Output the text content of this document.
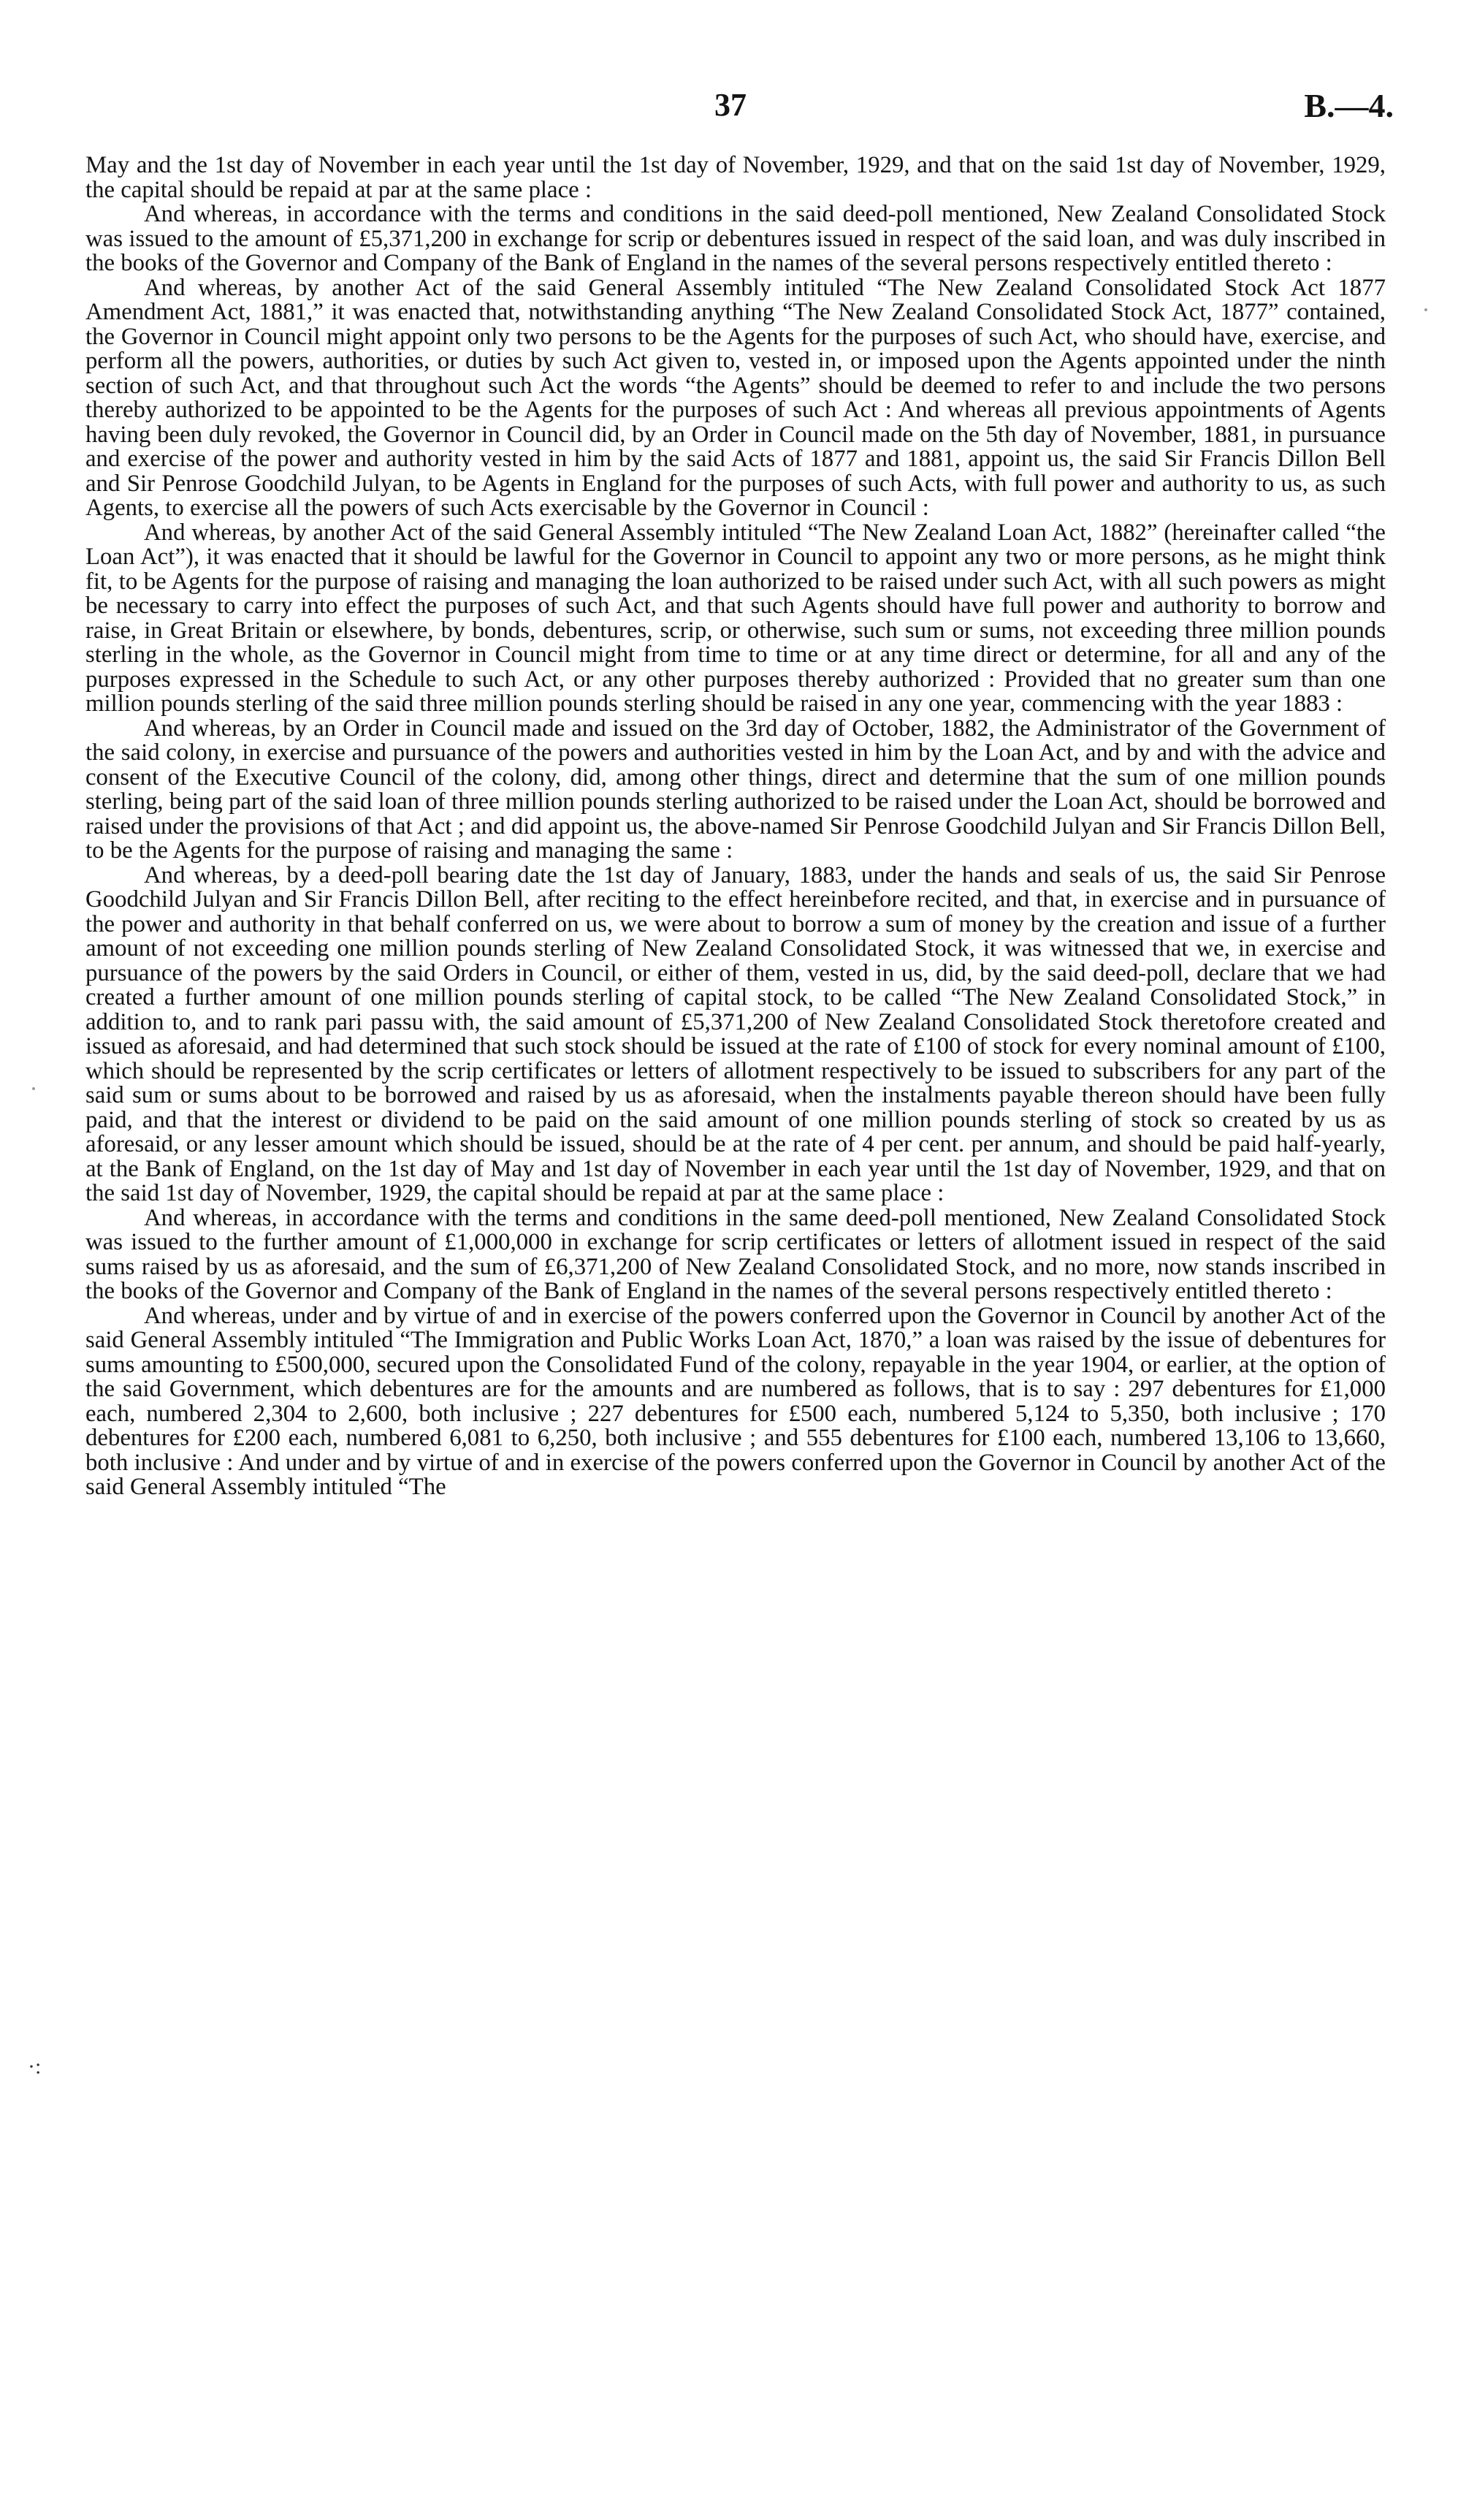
37	B.—4.

May and the 1st day of November in each year until the 1st day of November, 1929, and that on the said 1st day of November, 1929, the capital should be repaid at par at the same place :

And whereas, in accordance with the terms and conditions in the said deed-poll mentioned, New Zealand Consolidated Stock was issued to the amount of £5,371,200 in exchange for scrip or debentures issued in respect of the said loan, and was duly inscribed in the books of the Governor and Company of the Bank of England in the names of the several persons respectively entitled thereto :

And whereas, by another Act of the said General Assembly intituled “The New Zealand Consolidated Stock Act 1877 Amendment Act, 1881,” it was enacted that, notwithstanding anything “The New Zealand Consolidated Stock Act, 1877” contained, the Governor in Council might appoint only two persons to be the Agents for the purposes of such Act, who should have, exercise, and perform all the powers, authorities, or duties by such Act given to, vested in, or imposed upon the Agents appointed under the ninth section of such Act, and that throughout such Act the words “the Agents” should be deemed to refer to and include the two persons thereby authorized to be appointed to be the Agents for the purposes of such Act : And whereas all previous appointments of Agents having been duly revoked, the Governor in Council did, by an Order in Council made on the 5th day of November, 1881, in pursuance and exercise of the power and authority vested in him by the said Acts of 1877 and 1881, appoint us, the said Sir Francis Dillon Bell and Sir Penrose Goodchild Julyan, to be Agents in England for the purposes of such Acts, with full power and authority to us, as such Agents, to exercise all the powers of such Acts exercisable by the Governor in Council :

And whereas, by another Act of the said General Assembly intituled “The New Zealand Loan Act, 1882” (hereinafter called “the Loan Act”), it was enacted that it should be lawful for the Governor in Council to appoint any two or more persons, as he might think fit, to be Agents for the purpose of raising and managing the loan authorized to be raised under such Act, with all such powers as might be necessary to carry into effect the purposes of such Act, and that such Agents should have full power and authority to borrow and raise, in Great Britain or elsewhere, by bonds, debentures, scrip, or otherwise, such sum or sums, not exceeding three million pounds sterling in the whole, as the Governor in Council might from time to time or at any time direct or determine, for all and any of the purposes expressed in the Schedule to such Act, or any other purposes thereby authorized : Provided that no greater sum than one million pounds sterling of the said three million pounds sterling should be raised in any one year, commencing with the year 1883 :

And whereas, by an Order in Council made and issued on the 3rd day of October, 1882, the Administrator of the Government of the said colony, in exercise and pursuance of the powers and authorities vested in him by the Loan Act, and by and with the advice and consent of the Executive Council of the colony, did, among other things, direct and determine that the sum of one million pounds sterling, being part of the said loan of three million pounds sterling authorized to be raised under the Loan Act, should be borrowed and raised under the provisions of that Act ; and did appoint us, the above-named Sir Penrose Goodchild Julyan and Sir Francis Dillon Bell, to be the Agents for the purpose of raising and managing the same :

And whereas, by a deed-poll bearing date the 1st day of January, 1883, under the hands and seals of us, the said Sir Penrose Goodchild Julyan and Sir Francis Dillon Bell, after reciting to the effect hereinbefore recited, and that, in exercise and in pursuance of the power and authority in that behalf conferred on us, we were about to borrow a sum of money by the creation and issue of a further amount of not exceeding one million pounds sterling of New Zealand Consolidated Stock, it was witnessed that we, in exercise and pursuance of the powers by the said Orders in Council, or either of them, vested in us, did, by the said deed-poll, declare that we had created a further amount of one million pounds sterling of capital stock, to be called “The New Zealand Consolidated Stock,” in addition to, and to rank pari passu with, the said amount of £5,371,200 of New Zealand Consolidated Stock theretofore created and issued as aforesaid, and had determined that such stock should be issued at the rate of £100 of stock for every nominal amount of £100, which should be represented by the scrip certificates or letters of allotment respectively to be issued to subscribers for any part of the said sum or sums about to be borrowed and raised by us as aforesaid, when the instalments payable thereon should have been fully paid, and that the interest or dividend to be paid on the said amount of one million pounds sterling of stock so created by us as aforesaid, or any lesser amount which should be issued, should be at the rate of 4 per cent. per annum, and should be paid half-yearly, at the Bank of England, on the 1st day of May and 1st day of November in each year until the 1st day of November, 1929, and that on the said 1st day of November, 1929, the capital should be repaid at par at the same place :

And whereas, in accordance with the terms and conditions in the same deed-poll mentioned, New Zealand Consolidated Stock was issued to the further amount of £1,000,000 in exchange for scrip certificates or letters of allotment issued in respect of the said sums raised by us as aforesaid, and the sum of £6,371,200 of New Zealand Consolidated Stock, and no more, now stands inscribed in the books of the Governor and Company of the Bank of England in the names of the several persons respectively entitled thereto :

And whereas, under and by virtue of and in exercise of the powers conferred upon the Governor in Council by another Act of the said General Assembly intituled “The Immigration and Public Works Loan Act, 1870,” a loan was raised by the issue of debentures for sums amounting to £500,000, secured upon the Consolidated Fund of the colony, repayable in the year 1904, or earlier, at the option of the said Government, which debentures are for the amounts and are numbered as follows, that is to say : 297 debentures for £1,000 each, numbered 2,304 to 2,600, both inclusive ; 227 debentures for £500 each, numbered 5,124 to 5,350, both inclusive ; 170 debentures for £200 each, numbered 6,081 to 6,250, both inclusive ; and 555 debentures for £100 each, numbered 13,106 to 13,660, both inclusive : And under and by virtue of and in exercise of the powers conferred upon the Governor in Council by another Act of the said General Assembly intituled “The

·:
